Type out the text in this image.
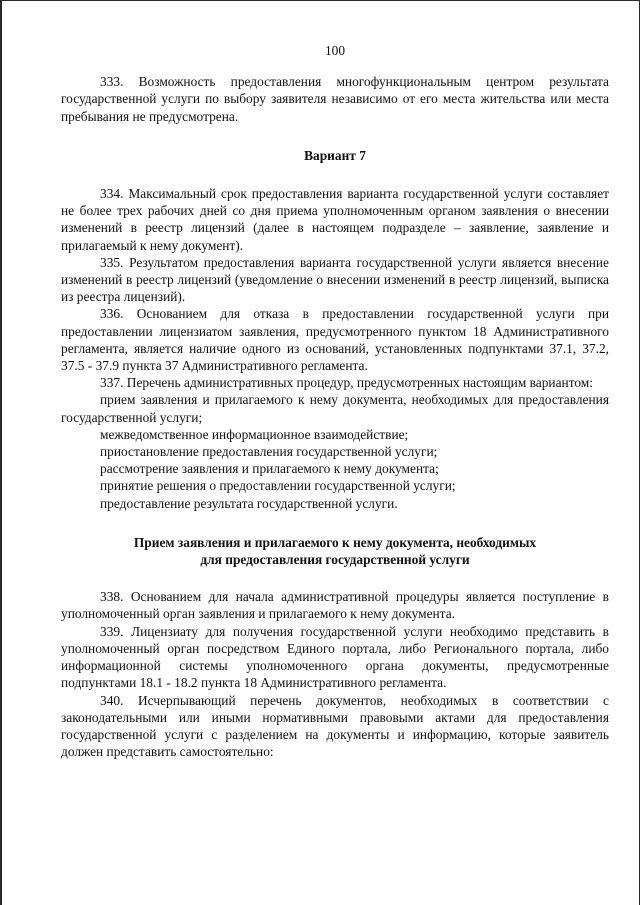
100

333. Возможность предоставления многофункциональным центром результата государственной услуги по выбору заявителя независимо от его места жительства или места пребывания не предусмотрена.

Вариант 7

334. Максимальный срок предоставления варианта государственной услуги составляет не более трех рабочих дней со дня приема уполномоченным органом заявления о внесении изменений в реестр лицензий (далее в настоящем подразделе – заявление, заявление и прилагаемый к нему документ).

335. Результатом предоставления варианта государственной услуги является внесение изменений в реестр лицензий (уведомление о внесении изменений в реестр лицензий, выписка из реестра лицензий).

336. Основанием для отказа в предоставлении государственной услуги при предоставлении лицензиатом заявления, предусмотренного пунктом 18 Административного регламента, является наличие одного из оснований, установленных подпунктами 37.1, 37.2, 37.5 - 37.9 пункта 37 Административного регламента.

337. Перечень административных процедур, предусмотренных настоящим вариантом:

прием заявления и прилагаемого к нему документа, необходимых для предоставления государственной услуги;

межведомственное информационное взаимодействие;

приостановление предоставления государственной услуги;

рассмотрение заявления и прилагаемого к нему документа;

принятие решения о предоставлении государственной услуги;

предоставление результата государственной услуги.

Прием заявления и прилагаемого к нему документа, необходимых
для предоставления государственной услуги

338. Основанием для начала административной процедуры является поступление в уполномоченный орган заявления и прилагаемого к нему документа.

339. Лицензиату для получения государственной услуги необходимо представить в уполномоченный орган посредством Единого портала, либо Регионального портала, либо информационной системы уполномоченного органа документы, предусмотренные подпунктами 18.1 - 18.2 пункта 18 Административного регламента.

340. Исчерпывающий перечень документов, необходимых в соответствии с законодательными или иными нормативными правовыми актами для предоставления государственной услуги с разделением на документы и информацию, которые заявитель должен представить самостоятельно:
